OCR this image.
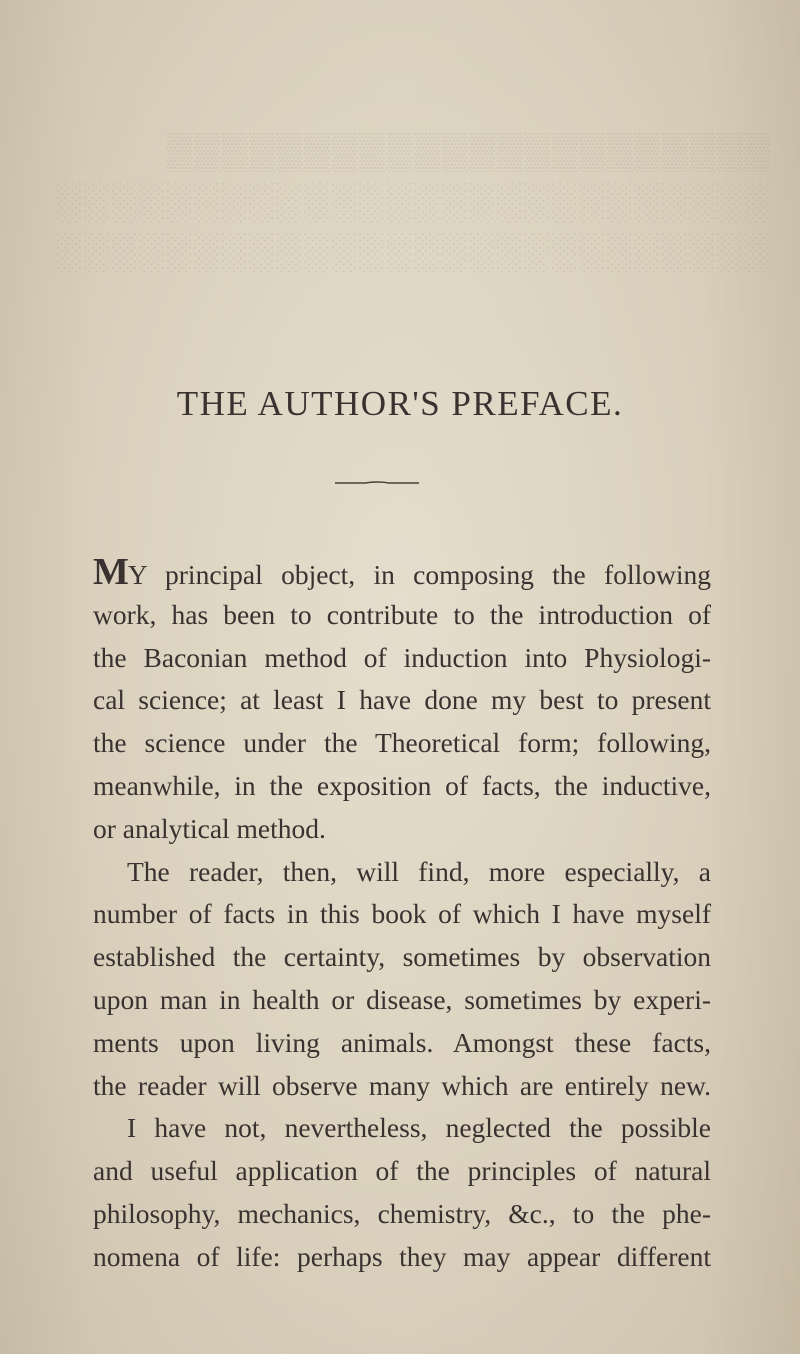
▒▒▒▒▒▒▒▒▒▒▒▒▒▒▒▒▒▒▒▒▒▒
░░░░░░░░░░░░░░░░░░░░░░░░░░
░░░░░░░░░░░░░░░░░░░░░░░░░░
THE AUTHOR'S PREFACE.
MY principal object, in composing the following
work, has been to contribute to the introduction of
the Baconian method of induction into Physiologi-
cal science; at least I have done my best to present
the science under the Theoretical form; following,
meanwhile, in the exposition of facts, the inductive,
or analytical method.
The reader, then, will find, more especially, a
number of facts in this book of which I have myself
established the certainty, sometimes by observation
upon man in health or disease, sometimes by experi-
ments upon living animals. Amongst these facts,
the reader will observe many which are entirely new.
I have not, nevertheless, neglected the possible
and useful application of the principles of natural
philosophy, mechanics, chemistry, &c., to the phe-
nomena of life: perhaps they may appear different
